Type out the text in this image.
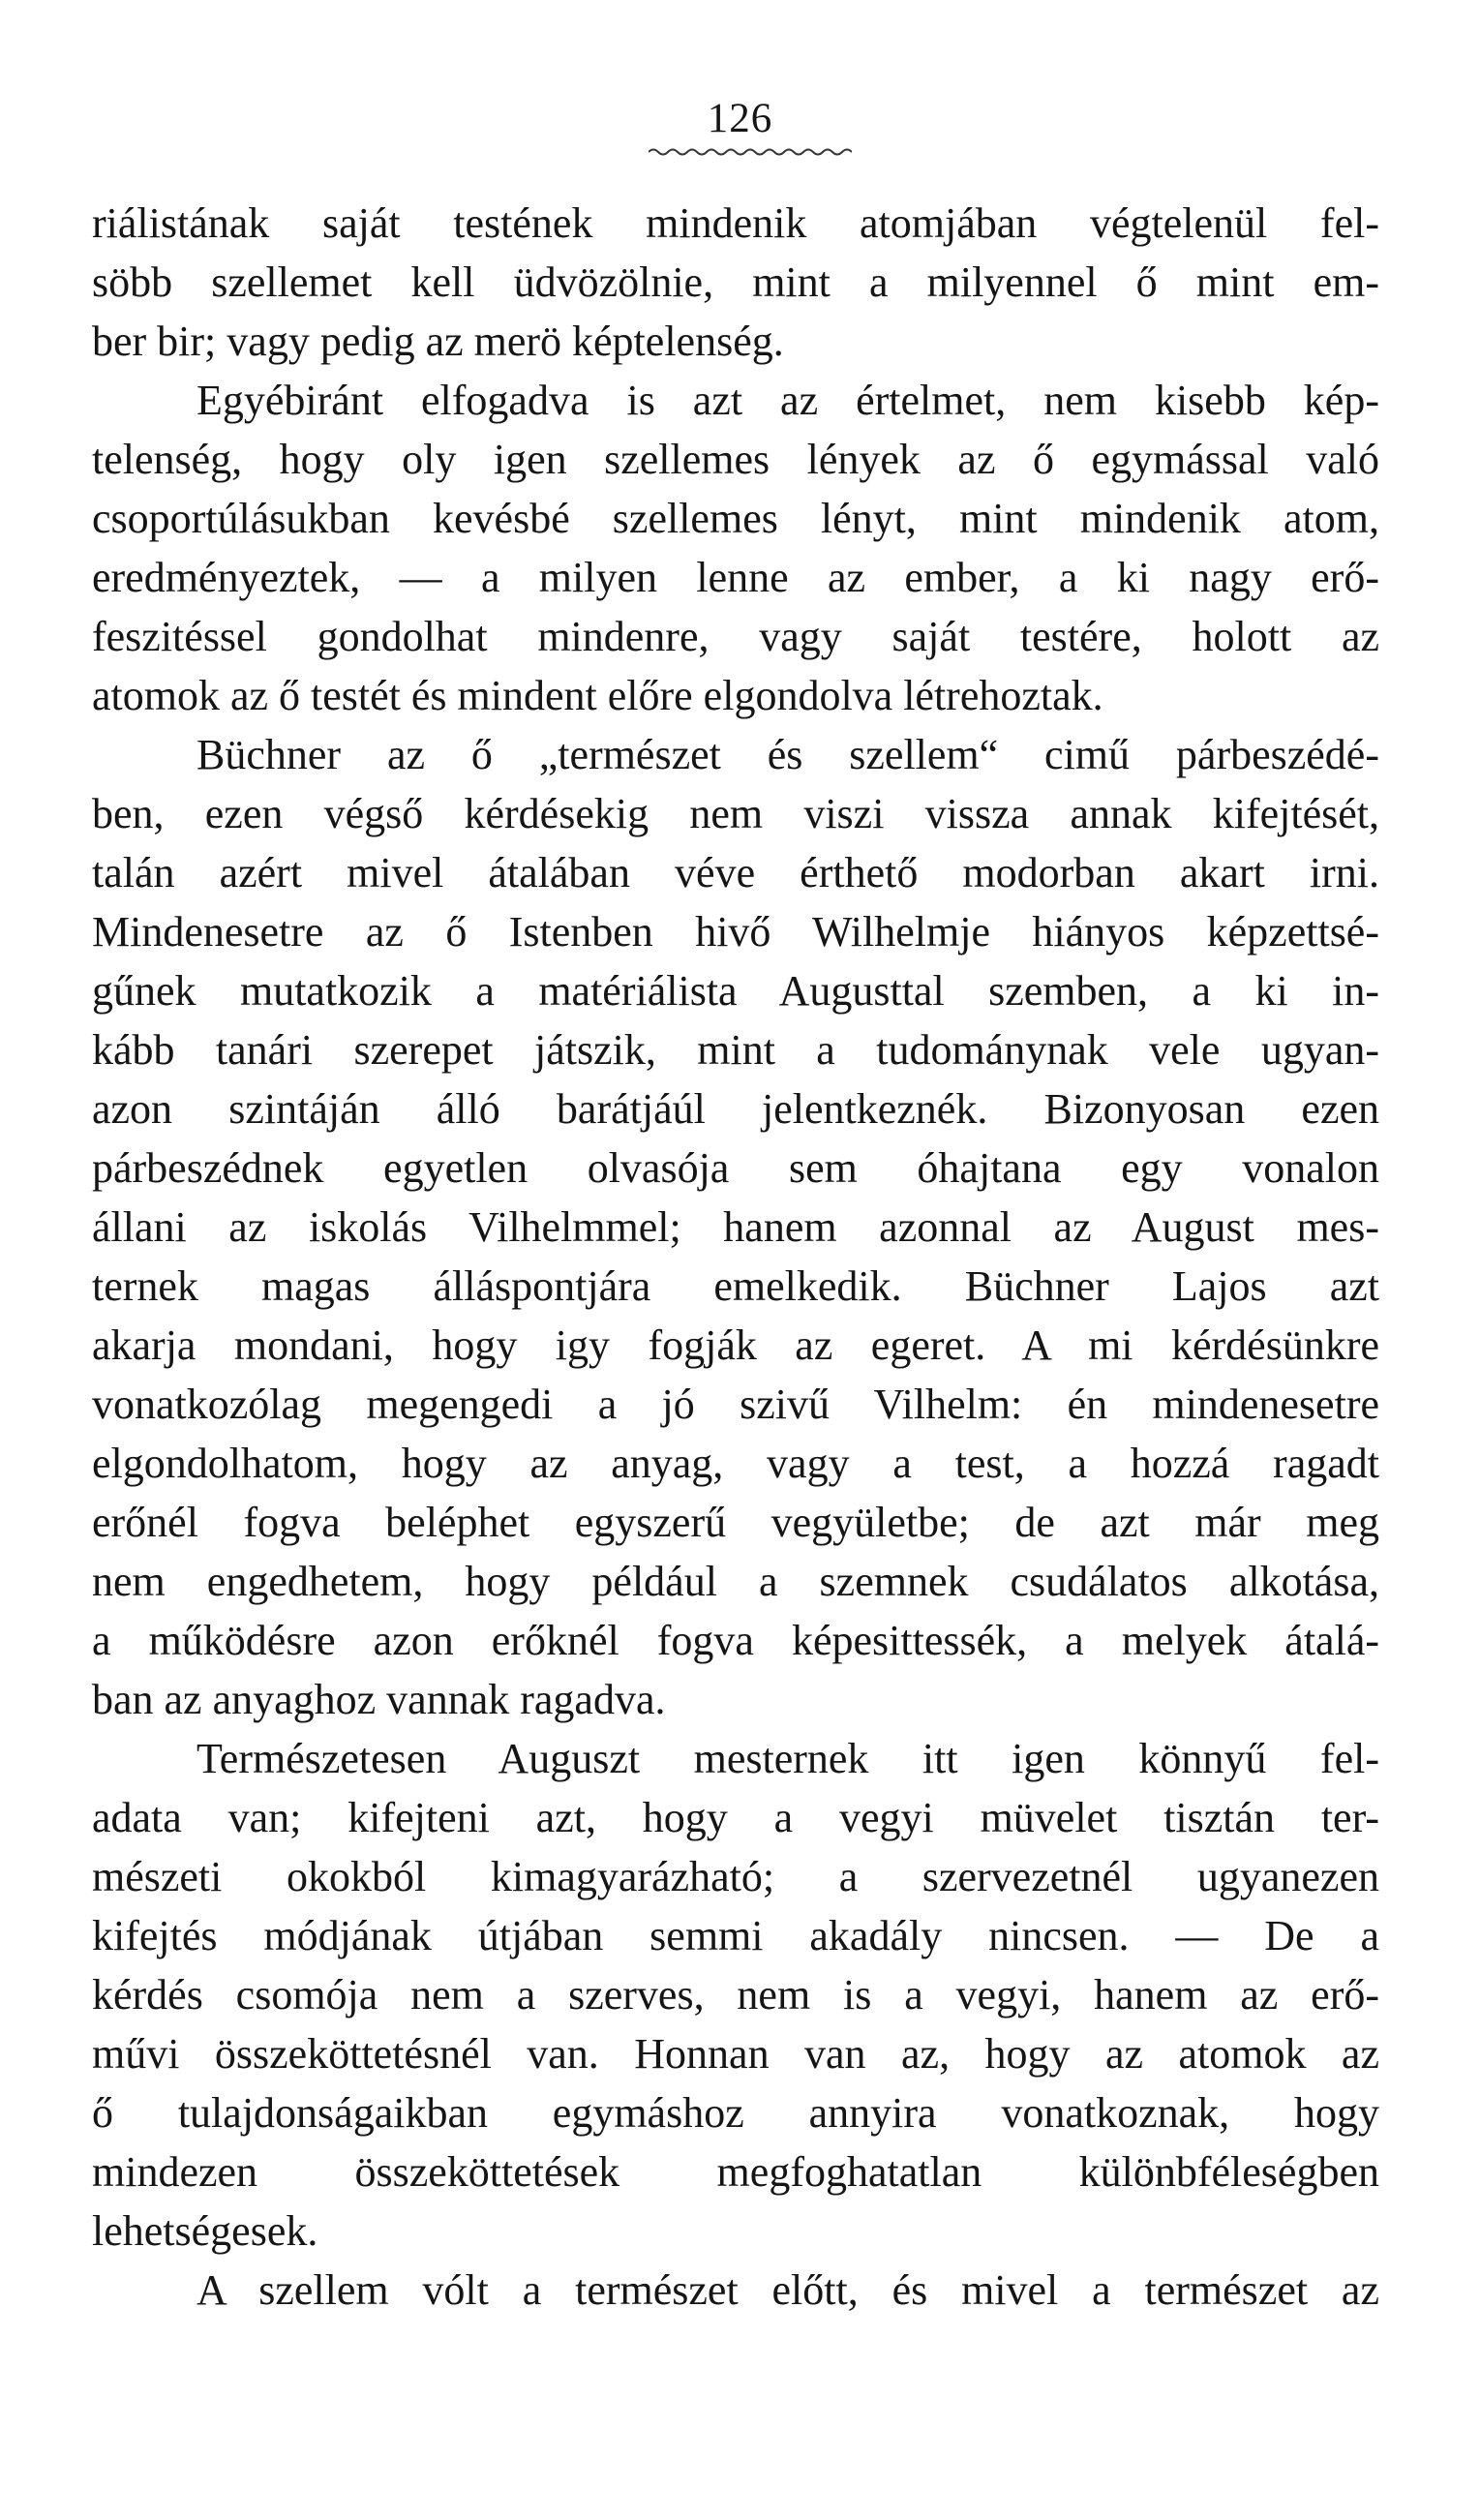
126
riálistának saját testének mindenik atomjában végtelenül fel-
söbb szellemet kell üdvözölnie, mint a milyennel ő mint em-
ber bir; vagy pedig az merö képtelenség.
Egyébiránt elfogadva is azt az értelmet, nem kisebb kép-
telenség, hogy oly igen szellemes lények az ő egymással való
csoportúlásukban kevésbé szellemes lényt, mint mindenik atom,
eredményeztek, — a milyen lenne az ember, a ki nagy erő-
feszitéssel gondolhat mindenre, vagy saját testére, holott az
atomok az ő testét és mindent előre elgondolva létrehoztak.
Büchner az ő „természet és szellem“ cimű párbeszédé-
ben, ezen végső kérdésekig nem viszi vissza annak kifejtését,
talán azért mivel átalában véve érthető modorban akart irni.
Mindenesetre az ő Istenben hivő Wilhelmje hiányos képzettsé-
gűnek mutatkozik a matériálista Augusttal szemben, a ki in-
kább tanári szerepet játszik, mint a tudománynak vele ugyan-
azon szintáján álló barátjáúl jelentkeznék. Bizonyosan ezen
párbeszédnek egyetlen olvasója sem óhajtana egy vonalon
állani az iskolás Vilhelmmel; hanem azonnal az August mes-
ternek magas álláspontjára emelkedik. Büchner Lajos azt
akarja mondani, hogy igy fogják az egeret. A mi kérdésünkre
vonatkozólag megengedi a jó szivű Vilhelm: én mindenesetre
elgondolhatom, hogy az anyag, vagy a test, a hozzá ragadt
erőnél fogva beléphet egyszerű vegyületbe; de azt már meg
nem engedhetem, hogy például a szemnek csudálatos alkotása,
a működésre azon erőknél fogva képesittessék, a melyek átalá-
ban az anyaghoz vannak ragadva.
Természetesen Auguszt mesternek itt igen könnyű fel-
adata van; kifejteni azt, hogy a vegyi müvelet tisztán ter-
mészeti okokból kimagyarázható; a szervezetnél ugyanezen
kifejtés módjának útjában semmi akadály nincsen. — De a
kérdés csomója nem a szerves, nem is a vegyi, hanem az erő-
művi összeköttetésnél van. Honnan van az, hogy az atomok az
ő tulajdonságaikban egymáshoz annyira vonatkoznak, hogy
mindezen összeköttetések megfoghatatlan különbféleségben
lehetségesek.
A szellem vólt a természet előtt, és mivel a természet az
